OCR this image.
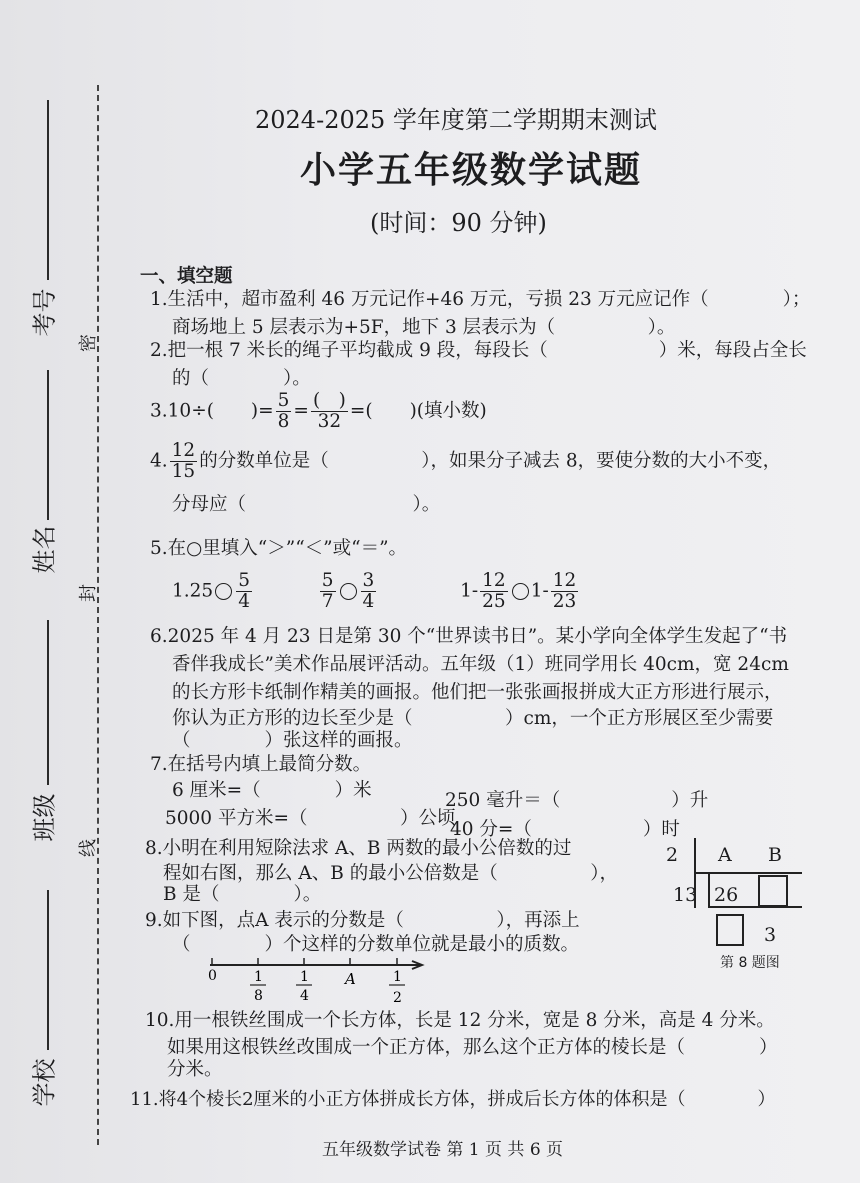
考号
姓名
班级
学校
密
封
线
2024-2025 学年度第二学期期末测试
小学五年级数学试题
(时间：90 分钟)
一、填空题
1.生活中，超市盈利 46 万元记作+46 万元，亏损 23 万元应记作（　　　　）；
商场地上 5 层表示为+5F，地下 3 层表示为（　　　　　）。
2.把一根 7 米长的绳子平均截成 9 段，每段长（　　　　　　）米，每段占全长
的（　　　　）。
3.10÷(　　)= $\frac{5}{8} = \frac{( )}{32}$ =(　　)(填小数)
4. $\frac{12}{15}$ 的分数单位是（　　　　　），如果分子减去 8，要使分数的大小不变，
分母应（　　　　　　　　　）。
5.在○里填入“＞”“＜”或“＝”。
$1.25 \frac{5}{4}$
	$\frac{5}{7} \frac{3}{4}$	$1- \frac{12}{25} 1- \frac{12}{23}$
6.2025 年 4 月 23 日是第 30 个“世界读书日”。某小学向全体学生发起了“书
香伴我成长”美术作品展评活动。五年级（1）班同学用长 40cm，宽 24cm
的长方形卡纸制作精美的画报。他们把一张张画报拼成大正方形进行展示，
你认为正方形的边长至少是（　　　　　）cm，一个正方形展区至少需要
（　　　　）张这样的画报。
7.在括号内填上最简分数。
6 厘米=（　　　　）米	250 毫升＝（　　　　　　）升
5000 平方米=（　　　　　）公顷
40 分=（　　　　　　）时
8.小明在利用短除法求 A、B 两数的最小公倍数的过
程如右图，那么 A、B 的最小公倍数是（　　　　　），
B 是（　　　　）。
2 A B
13 26
3
第 8 题图
9.如下图，点A 表示的分数是（　　　　　），再添上
（　　　　）个这样的分数单位就是最小的质数。
0	1
8
1
4
A	1
2
10.用一根铁丝围成一个长方体，长是 12 分米，宽是 8 分米，高是 4 分米。
如果用这根铁丝改围成一个正方体，那么这个正方体的棱长是（　　　　）
分米。
11.将4个棱长2厘米的小正方体拼成长方体，拼成后长方体的体积是（　　　　）
五年级数学试卷 第 1 页 共 6 页
